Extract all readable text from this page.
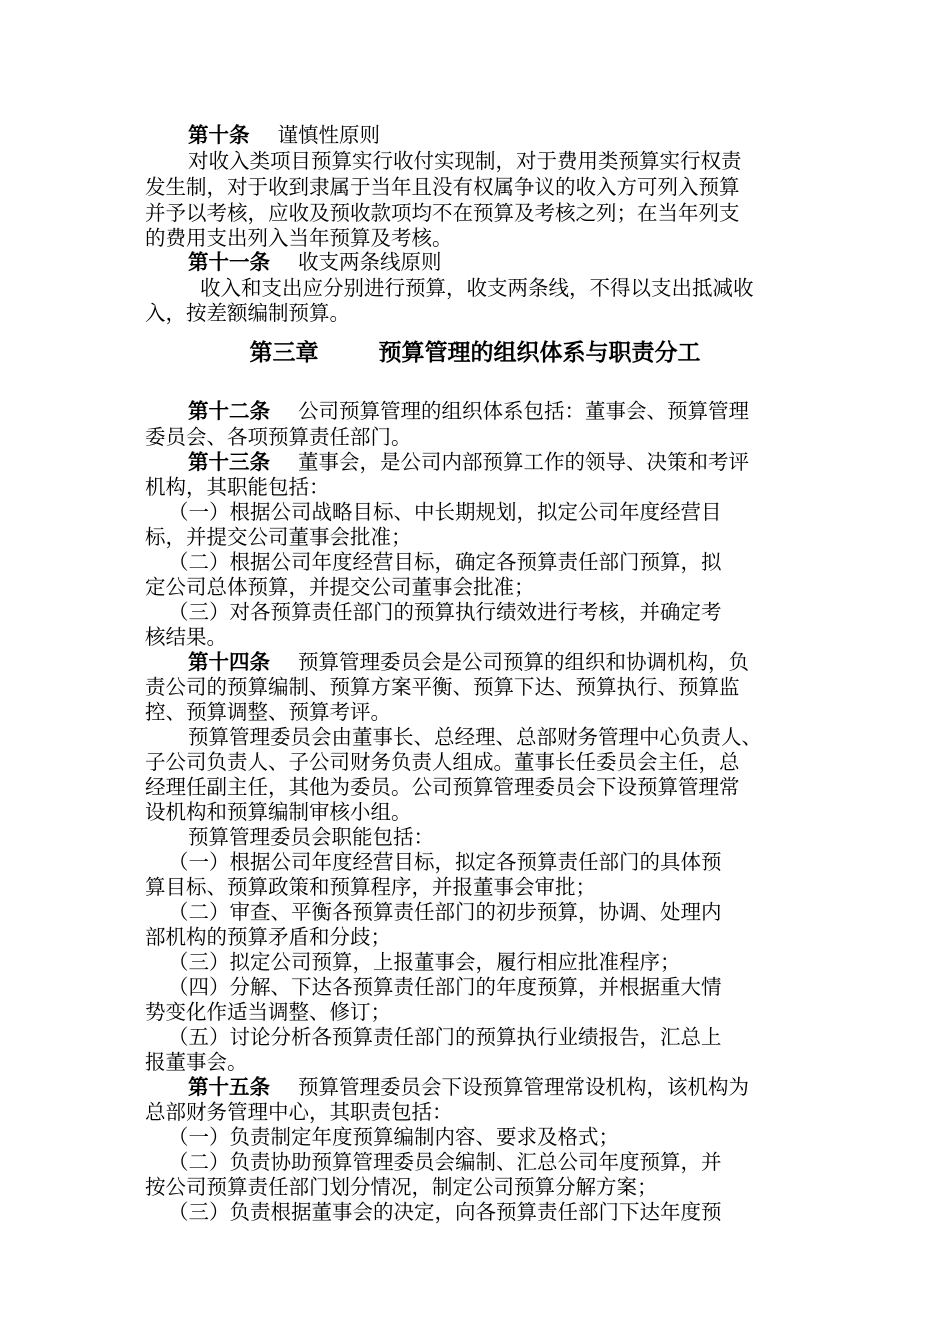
第十条 谨慎性原则
对收入类项目预算实行收付实现制，对于费用类预算实行权责
发生制，对于收到隶属于当年且没有权属争议的收入方可列入预算
并予以考核，应收及预收款项均不在预算及考核之列；在当年列支
的费用支出列入当年预算及考核。
第十一条 收支两条线原则
收入和支出应分别进行预算，收支两条线，不得以支出抵减收
入，按差额编制预算。
第三章	预算管理的组织体系与职责分工
第十二条 公司预算管理的组织体系包括：董事会、预算管理
委员会、各项预算责任部门。
第十三条 董事会，是公司内部预算工作的领导、决策和考评
机构，其职能包括：
（一）根据公司战略目标、中长期规划，拟定公司年度经营目
标，并提交公司董事会批准；
（二）根据公司年度经营目标，确定各预算责任部门预算，拟
定公司总体预算，并提交公司董事会批准；
（三）对各预算责任部门的预算执行绩效进行考核，并确定考
核结果。
第十四条 预算管理委员会是公司预算的组织和协调机构，负
责公司的预算编制、预算方案平衡、预算下达、预算执行、预算监
控、预算调整、预算考评。
预算管理委员会由董事长、总经理、总部财务管理中心负责人、
子公司负责人、子公司财务负责人组成。董事长任委员会主任，总
经理任副主任，其他为委员。公司预算管理委员会下设预算管理常
设机构和预算编制审核小组。
预算管理委员会职能包括：
（一）根据公司年度经营目标，拟定各预算责任部门的具体预
算目标、预算政策和预算程序，并报董事会审批；
（二）审查、平衡各预算责任部门的初步预算，协调、处理内
部机构的预算矛盾和分歧；
（三）拟定公司预算，上报董事会，履行相应批准程序；
（四）分解、下达各预算责任部门的年度预算，并根据重大情
势变化作适当调整、修订；
（五）讨论分析各预算责任部门的预算执行业绩报告，汇总上
报董事会。
第十五条 预算管理委员会下设预算管理常设机构，该机构为
总部财务管理中心，其职责包括：
（一）负责制定年度预算编制内容、要求及格式；
（二）负责协助预算管理委员会编制、汇总公司年度预算，并
按公司预算责任部门划分情况，制定公司预算分解方案；
（三）负责根据董事会的决定，向各预算责任部门下达年度预
